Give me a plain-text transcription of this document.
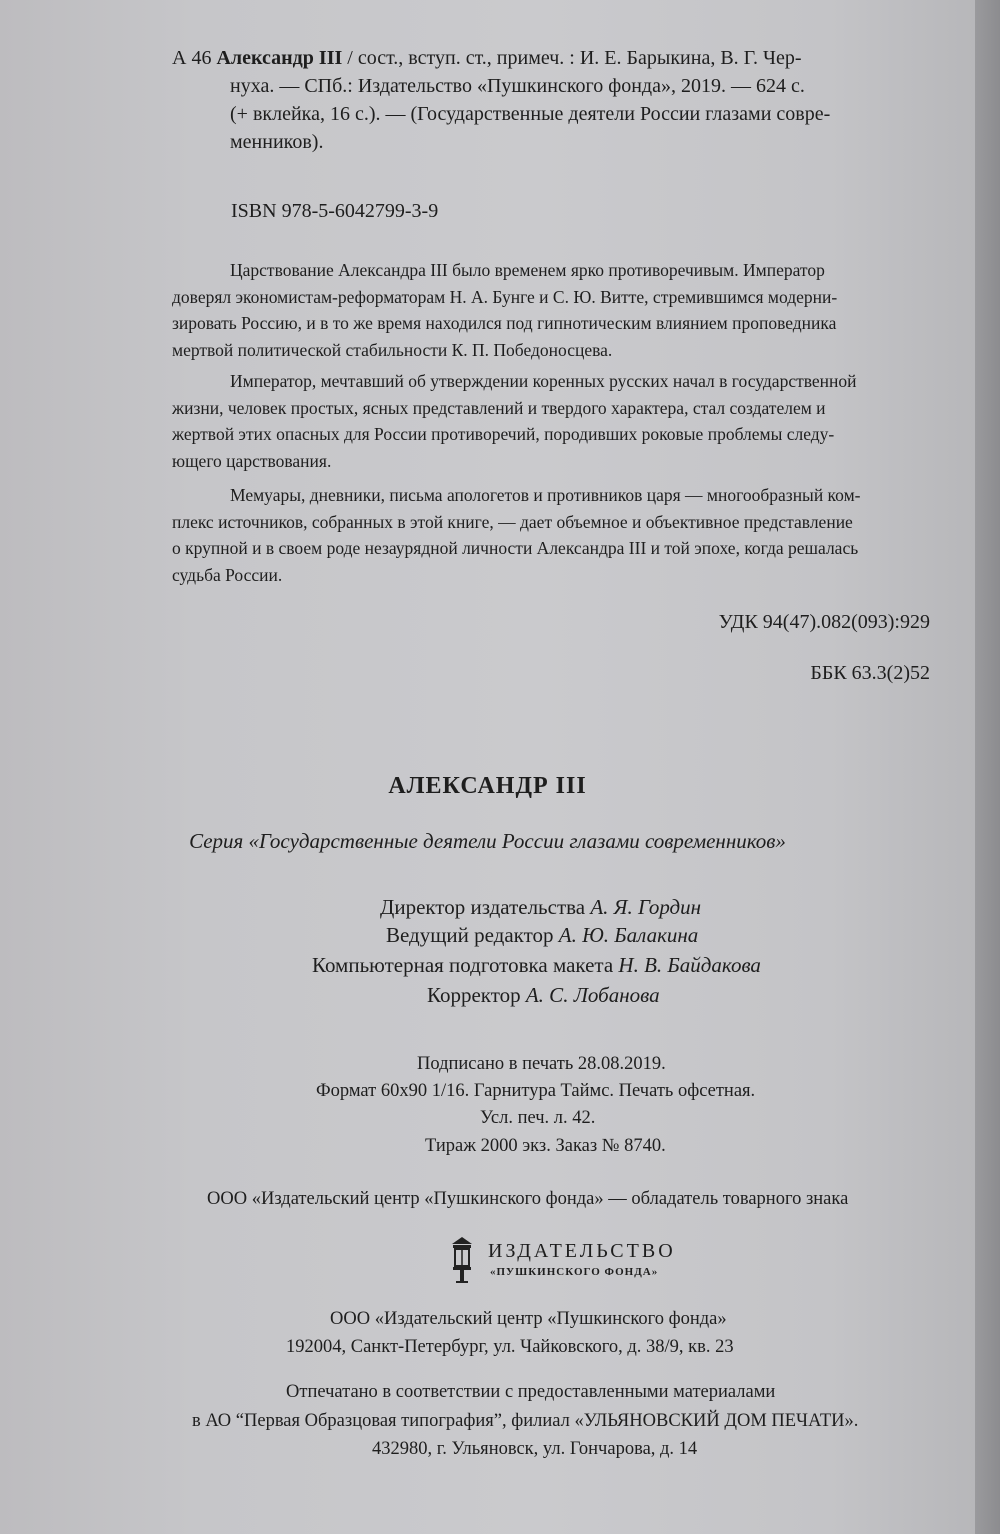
А 46 Александр III / сост., вступ. ст., примеч. : И. Е. Барыкина, В. Г. Чер-
нуха. — СПб.: Издательство «Пушкинского фонда», 2019. — 624 с.
(+ вклейка, 16 с.). — (Государственные деятели России глазами совре-
менников).
ISBN 978-5-6042799-3-9
Царствование Александра III было временем ярко противоречивым. Император
доверял экономистам-реформаторам Н. А. Бунге и С. Ю. Витте, стремившимся модерни-
зировать Россию, и в то же время находился под гипнотическим влиянием проповедника
мертвой политической стабильности К. П. Победоносцева.
Император, мечтавший об утверждении коренных русских начал в государственной
жизни, человек простых, ясных представлений и твердого характера, стал создателем и
жертвой этих опасных для России противоречий, породивших роковые проблемы следу-
ющего царствования.
Мемуары, дневники, письма апологетов и противников царя — многообразный ком-
плекс источников, собранных в этой книге, — дает объемное и объективное представление
о крупной и в своем роде незаурядной личности Александра III и той эпохе, когда решалась
судьба России.
УДК 94(47).082(093):929
ББК 63.3(2)52
АЛЕКСАНДР III
Серия «Государственные деятели России глазами современников»
Директор издательства А. Я. Гордин
Ведущий редактор А. Ю. Балакина
Компьютерная подготовка макета Н. В. Байдакова
Корректор А. С. Лобанова
Подписано в печать 28.08.2019.
Формат 60х90 1/16. Гарнитура Таймс. Печать офсетная.
Усл. печ. л. 42.
Тираж 2000 экз. Заказ № 8740.
ООО «Издательский центр «Пушкинского фонда» — обладатель товарного знака
ИЗДАТЕЛЬСТВО
«ПУШКИНСКОГО ФОНДА»
ООО «Издательский центр «Пушкинского фонда»
192004, Санкт-Петербург, ул. Чайковского, д. 38/9, кв. 23
Отпечатано в соответствии с предоставленными материалами
в АО “Первая Образцовая типография”, филиал «УЛЬЯНОВСКИЙ ДОМ ПЕЧАТИ».
432980, г. Ульяновск, ул. Гончарова, д. 14
